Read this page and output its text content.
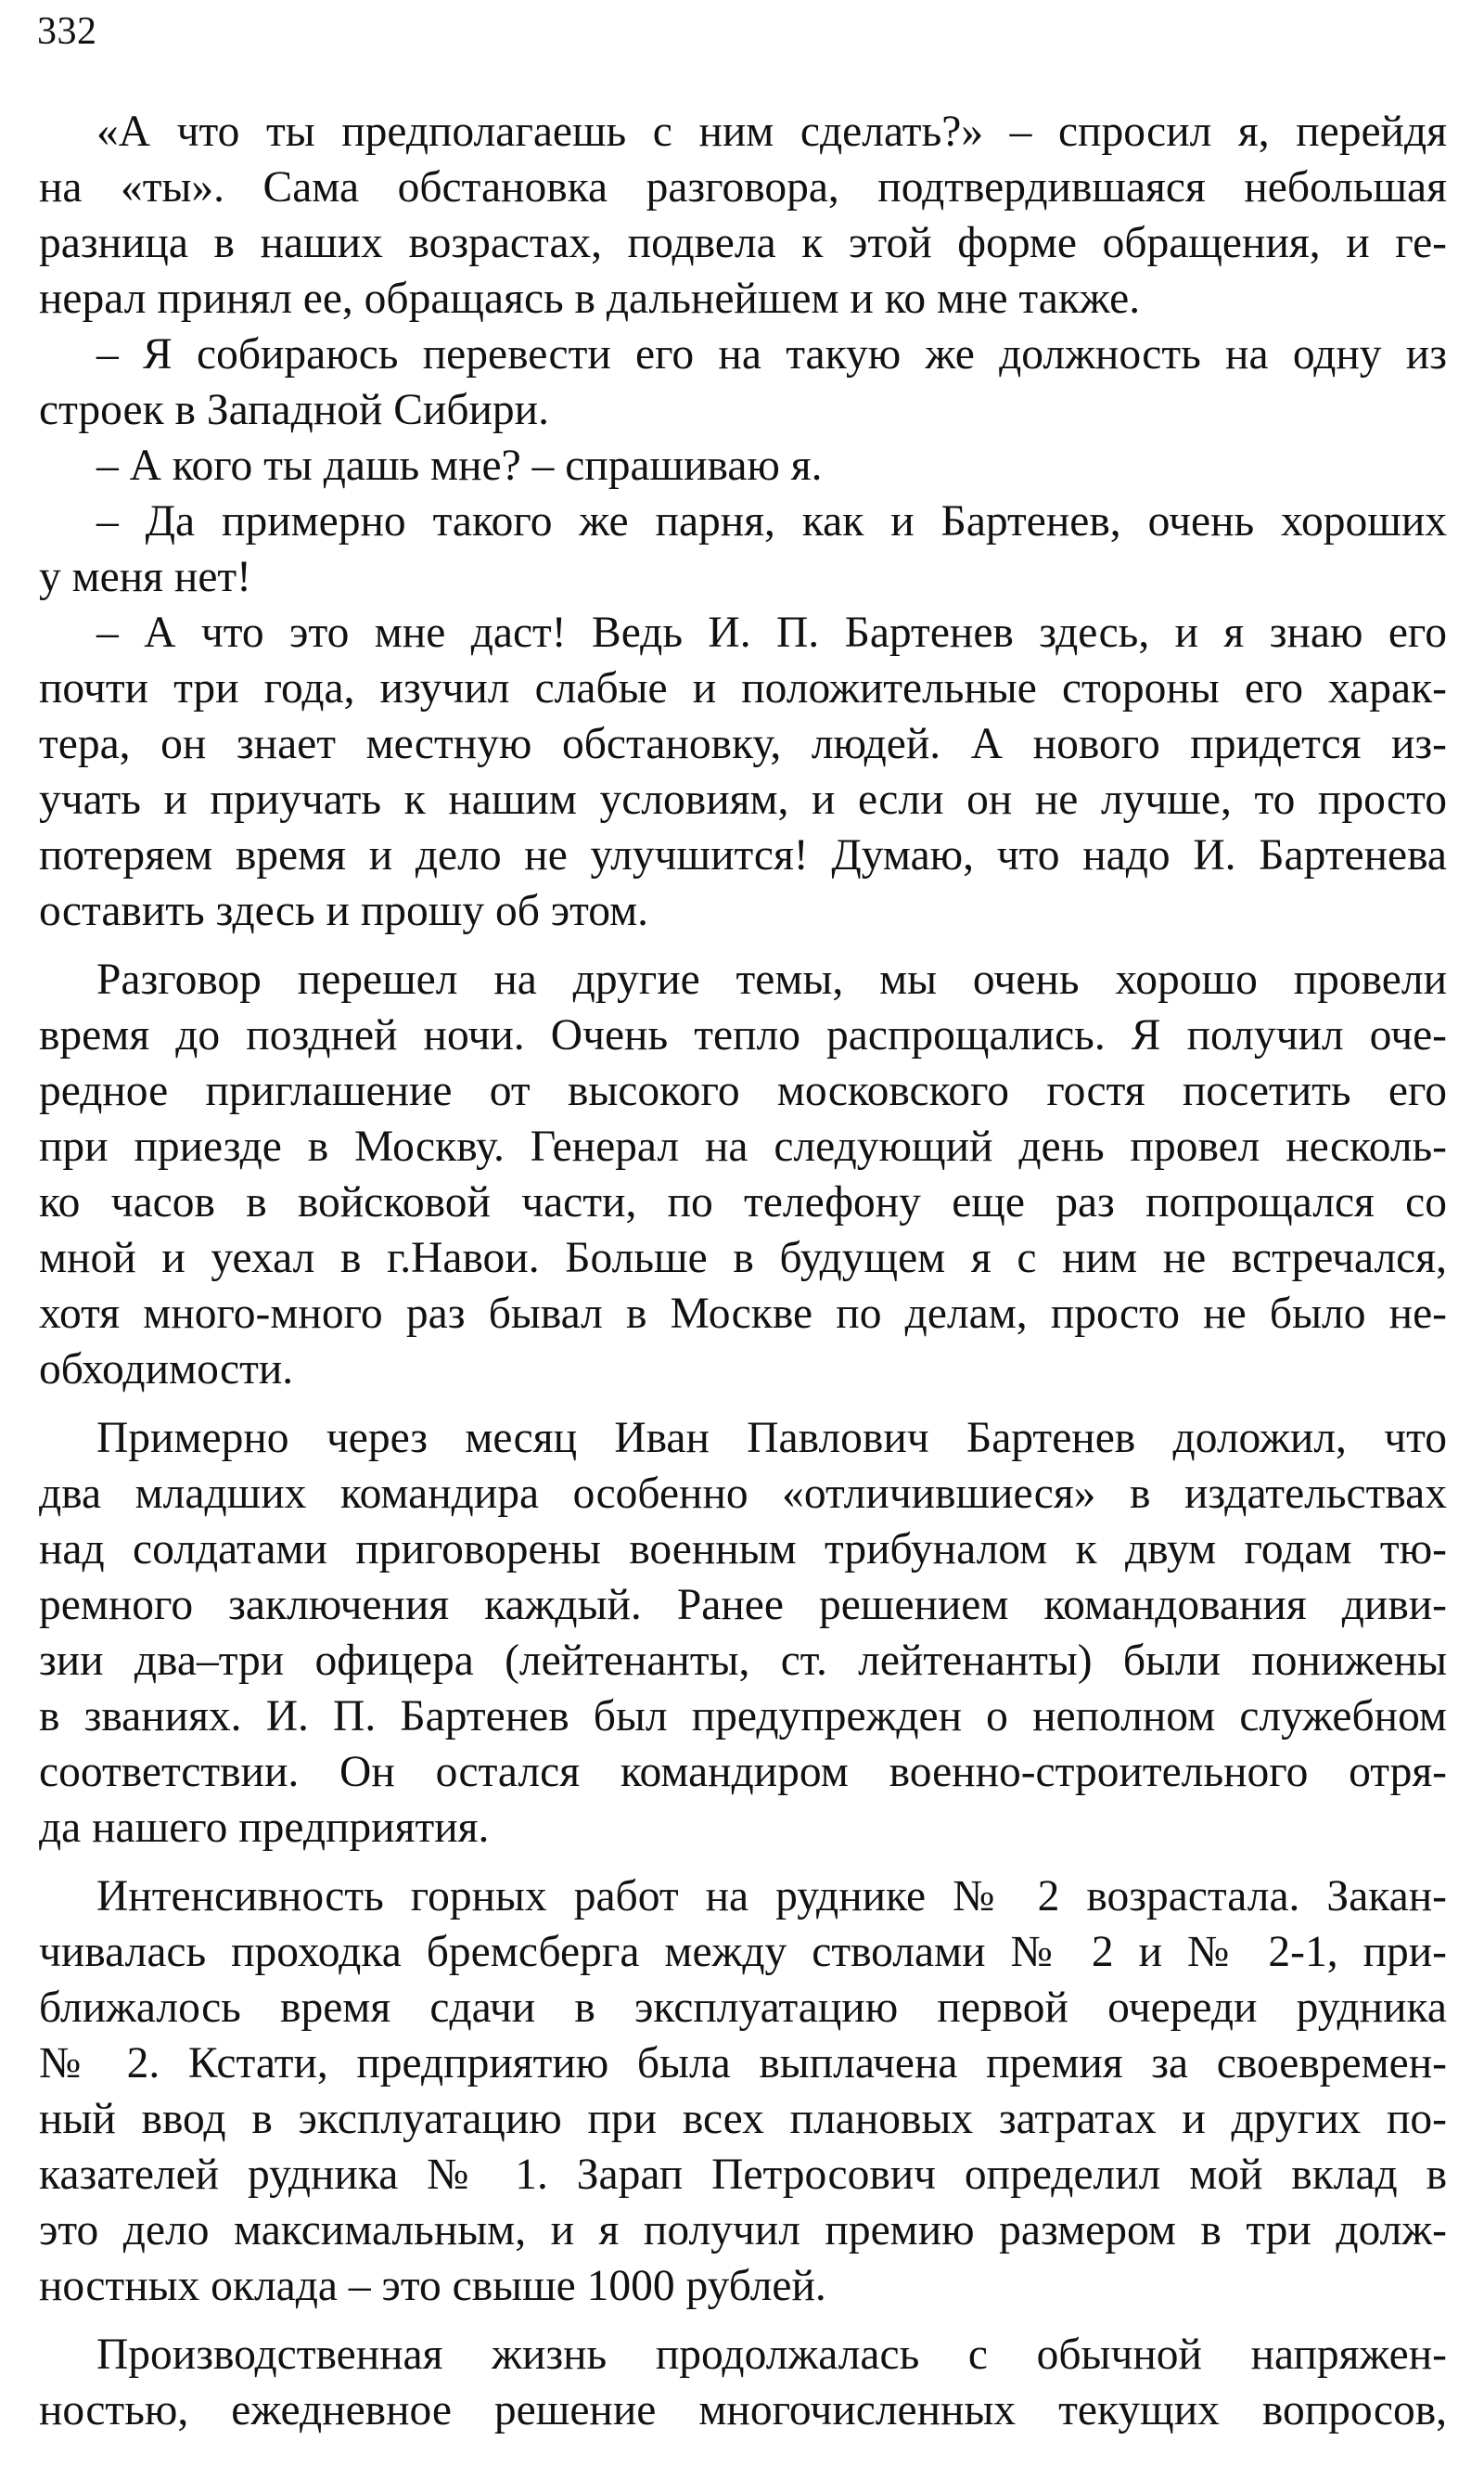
332
«А что ты предполагаешь с ним сделать?» – спросил я, перейдя
на «ты». Сама обстановка разговора, подтвердившаяся небольшая
разница в наших возрастах, подвела к этой форме обращения, и ге-
нерал принял ее, обращаясь в дальнейшем и ко мне также.
– Я собираюсь перевести его на такую же должность на одну из
строек в Западной Сибири.
– А кого ты дашь мне? – спрашиваю я.
– Да примерно такого же парня, как и Бартенев, очень хороших
у меня нет!
– А что это мне даст! Ведь И. П. Бартенев здесь, и я знаю его
почти три года, изучил слабые и положительные стороны его харак-
тера, он знает местную обстановку, людей. А нового придется из-
учать и приучать к нашим условиям, и если он не лучше, то просто
потеряем время и дело не улучшится! Думаю, что надо И. Бартенева
оставить здесь и прошу об этом.
Разговор перешел на другие темы, мы очень хорошо провели
время до поздней ночи. Очень тепло распрощались. Я получил оче-
редное приглашение от высокого московского гостя посетить его
при приезде в Москву. Генерал на следующий день провел несколь-
ко часов в войсковой части, по телефону еще раз попрощался со
мной и уехал в г.Навои. Больше в будущем я с ним не встречался,
хотя много-много раз бывал в Москве по делам, просто не было не-
обходимости.
Примерно через месяц Иван Павлович Бартенев доложил, что
два младших командира особенно «отличившиеся» в издательствах
над солдатами приговорены военным трибуналом к двум годам тю-
ремного заключения каждый. Ранее решением командования диви-
зии два–три офицера (лейтенанты, ст. лейтенанты) были понижены
в званиях. И. П. Бартенев был предупрежден о неполном служебном
соответствии. Он остался командиром военно-строительного отря-
да нашего предприятия.
Интенсивность горных работ на руднике № 2 возрастала. Закан-
чивалась проходка бремсберга между стволами № 2 и № 2-1, при-
ближалось время сдачи в эксплуатацию первой очереди рудника
№ 2. Кстати, предприятию была выплачена премия за своевремен-
ный ввод в эксплуатацию при всех плановых затратах и других по-
казателей рудника № 1. Зарап Петросович определил мой вклад в
это дело максимальным, и я получил премию размером в три долж-
ностных оклада – это свыше 1000 рублей.
Производственная жизнь продолжалась с обычной напряжен-
ностью, ежедневное решение многочисленных текущих вопросов,
